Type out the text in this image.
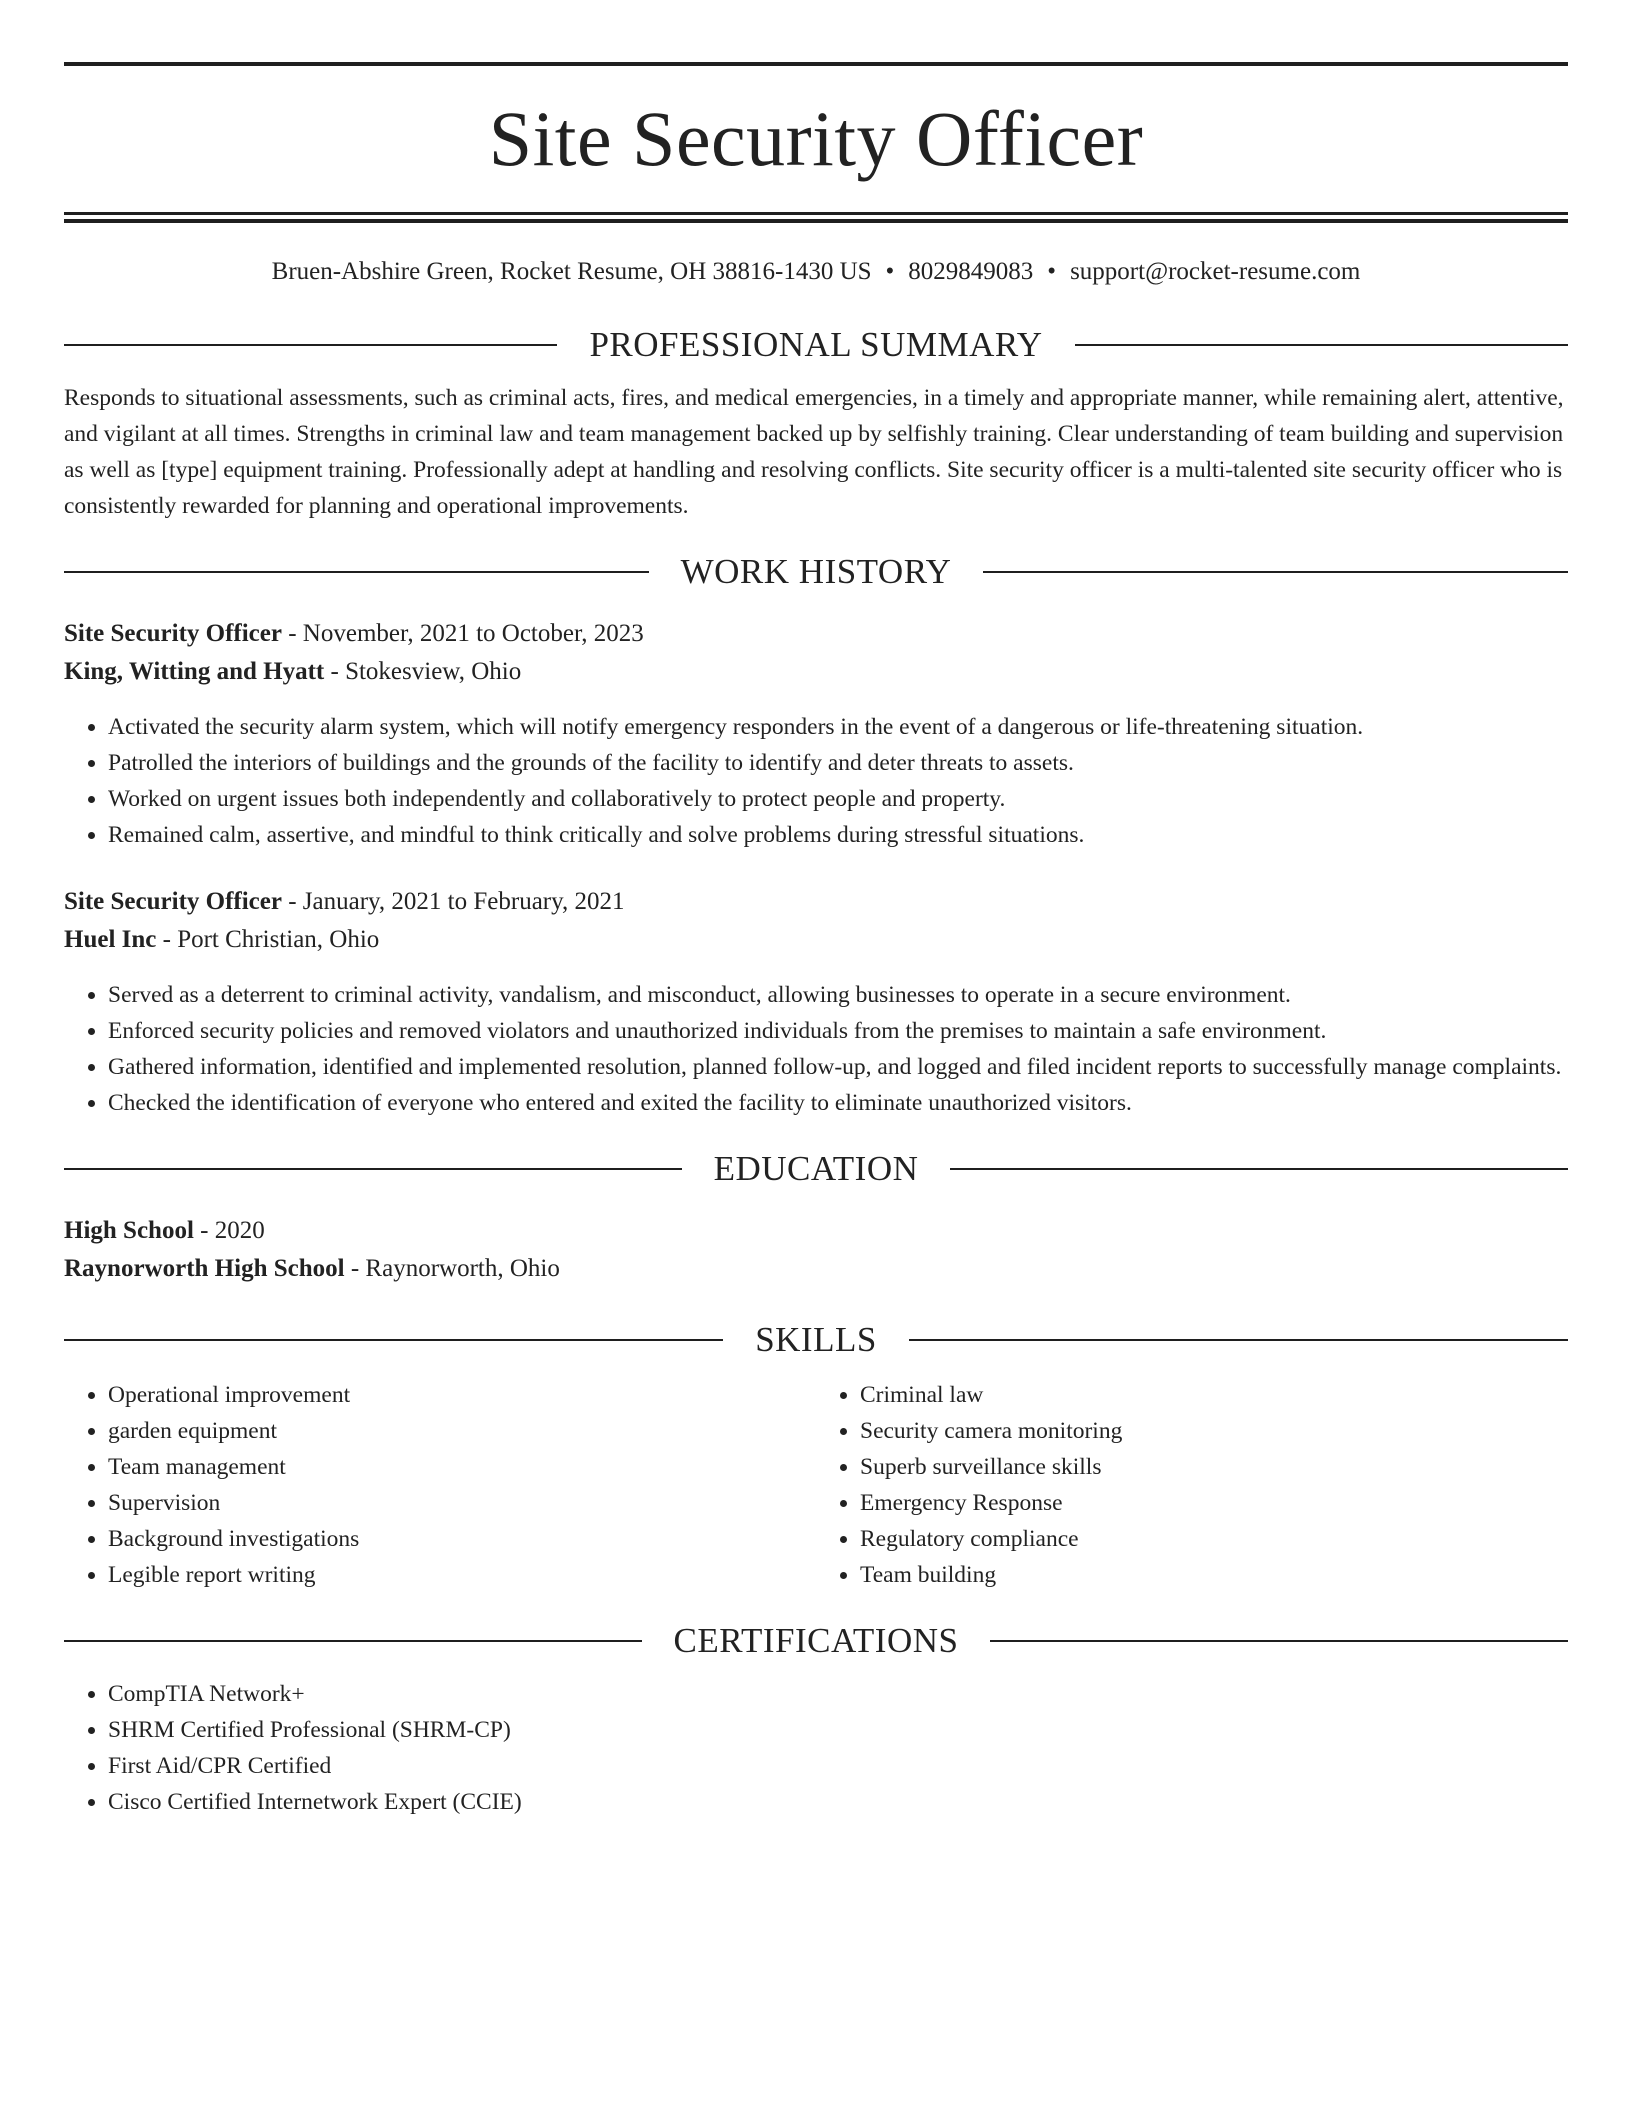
Site Security Officer
Bruen-Abshire Green, Rocket Resume, OH 38816-1430 US • 8029849083 • support@rocket-resume.com
PROFESSIONAL SUMMARY

Responds to situational assessments, such as criminal acts, fires, and medical emergencies, in a timely and appropriate manner, while remaining alert, attentive, and vigilant at all times. Strengths in criminal law and team management backed up by selfishly training. Clear understanding of team building and supervision as well as [type] equipment training. Professionally adept at handling and resolving conflicts. Site security officer is a multi-talented site security officer who is consistently rewarded for planning and operational improvements.

WORK HISTORY
Site Security Officer - November, 2021 to October, 2023
King, Witting and Hyatt - Stokesview, Ohio
• Activated the security alarm system, which will notify emergency responders in the event of a dangerous or life-threatening situation.
• Patrolled the interiors of buildings and the grounds of the facility to identify and deter threats to assets.
• Worked on urgent issues both independently and collaboratively to protect people and property.
• Remained calm, assertive, and mindful to think critically and solve problems during stressful situations.
Site Security Officer - January, 2021 to February, 2021
Huel Inc - Port Christian, Ohio
• Served as a deterrent to criminal activity, vandalism, and misconduct, allowing businesses to operate in a secure environment.
• Enforced security policies and removed violators and unauthorized individuals from the premises to maintain a safe environment.
• Gathered information, identified and implemented resolution, planned follow-up, and logged and filed incident reports to successfully manage complaints.
• Checked the identification of everyone who entered and exited the facility to eliminate unauthorized visitors.
EDUCATION
High School - 2020
Raynorworth High School - Raynorworth, Ohio
SKILLS
• Operational improvement
• garden equipment
• Team management
• Supervision
• Background investigations
• Legible report writing
• Criminal law
• Security camera monitoring
• Superb surveillance skills
• Emergency Response
• Regulatory compliance
• Team building
CERTIFICATIONS
• CompTIA Network+
• SHRM Certified Professional (SHRM-CP)
• First Aid/CPR Certified
• Cisco Certified Internetwork Expert (CCIE)
